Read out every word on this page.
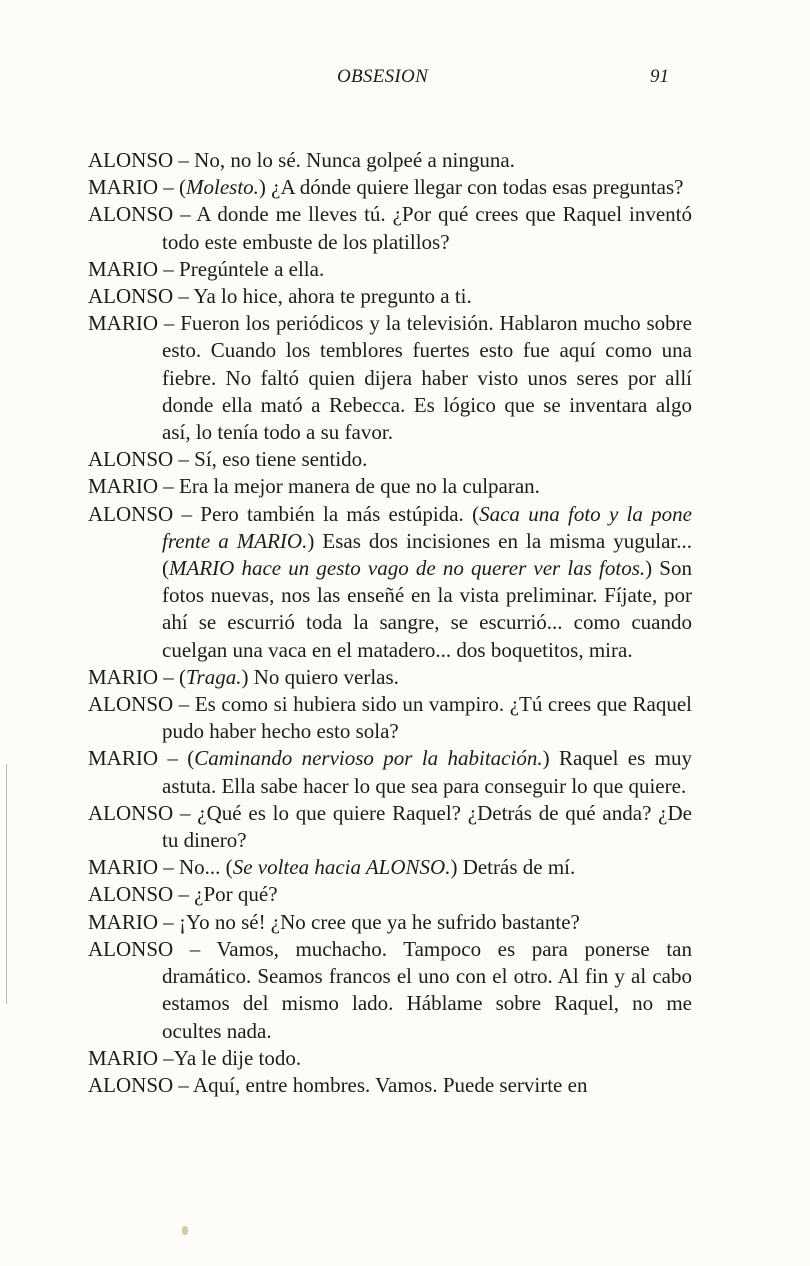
OBSESION	91

ALONSO – No, no lo sé. Nunca golpeé a ninguna.

MARIO – (Molesto.) ¿A dónde quiere llegar con todas esas preguntas?

ALONSO – A donde me lleves tú. ¿Por qué crees que Raquel inventó todo este embuste de los platillos?

MARIO – Pregúntele a ella.

ALONSO – Ya lo hice, ahora te pregunto a ti.

MARIO – Fueron los periódicos y la televisión. Hablaron mucho sobre esto. Cuando los temblores fuertes esto fue aquí como una fiebre. No faltó quien dijera haber visto unos seres por allí donde ella mató a Rebecca. Es lógico que se inventara algo así, lo tenía todo a su favor.

ALONSO – Sí, eso tiene sentido.

MARIO – Era la mejor manera de que no la culparan.

ALONSO – Pero también la más estúpida. (Saca una foto y la pone frente a MARIO.) Esas dos incisiones en la misma yugular... (MARIO hace un gesto vago de no querer ver las fotos.) Son fotos nuevas, nos las enseñé en la vista preliminar. Fíjate, por ahí se escurrió toda la sangre, se escurrió... como cuando cuelgan una vaca en el matadero... dos boquetitos, mira.

MARIO – (Traga.) No quiero verlas.

ALONSO – Es como si hubiera sido un vampiro. ¿Tú crees que Raquel pudo haber hecho esto sola?

MARIO – (Caminando nervioso por la habitación.) Raquel es muy astuta. Ella sabe hacer lo que sea para conseguir lo que quiere.

ALONSO – ¿Qué es lo que quiere Raquel? ¿Detrás de qué anda? ¿De tu dinero?

MARIO – No... (Se voltea hacia ALONSO.) Detrás de mí.

ALONSO – ¿Por qué?

MARIO – ¡Yo no sé! ¿No cree que ya he sufrido bastante?

ALONSO – Vamos, muchacho. Tampoco es para ponerse tan dramático. Seamos francos el uno con el otro. Al fin y al cabo estamos del mismo lado. Háblame sobre Raquel, no me ocultes nada.

MARIO –Ya le dije todo.

ALONSO – Aquí, entre hombres. Vamos. Puede servirte en
